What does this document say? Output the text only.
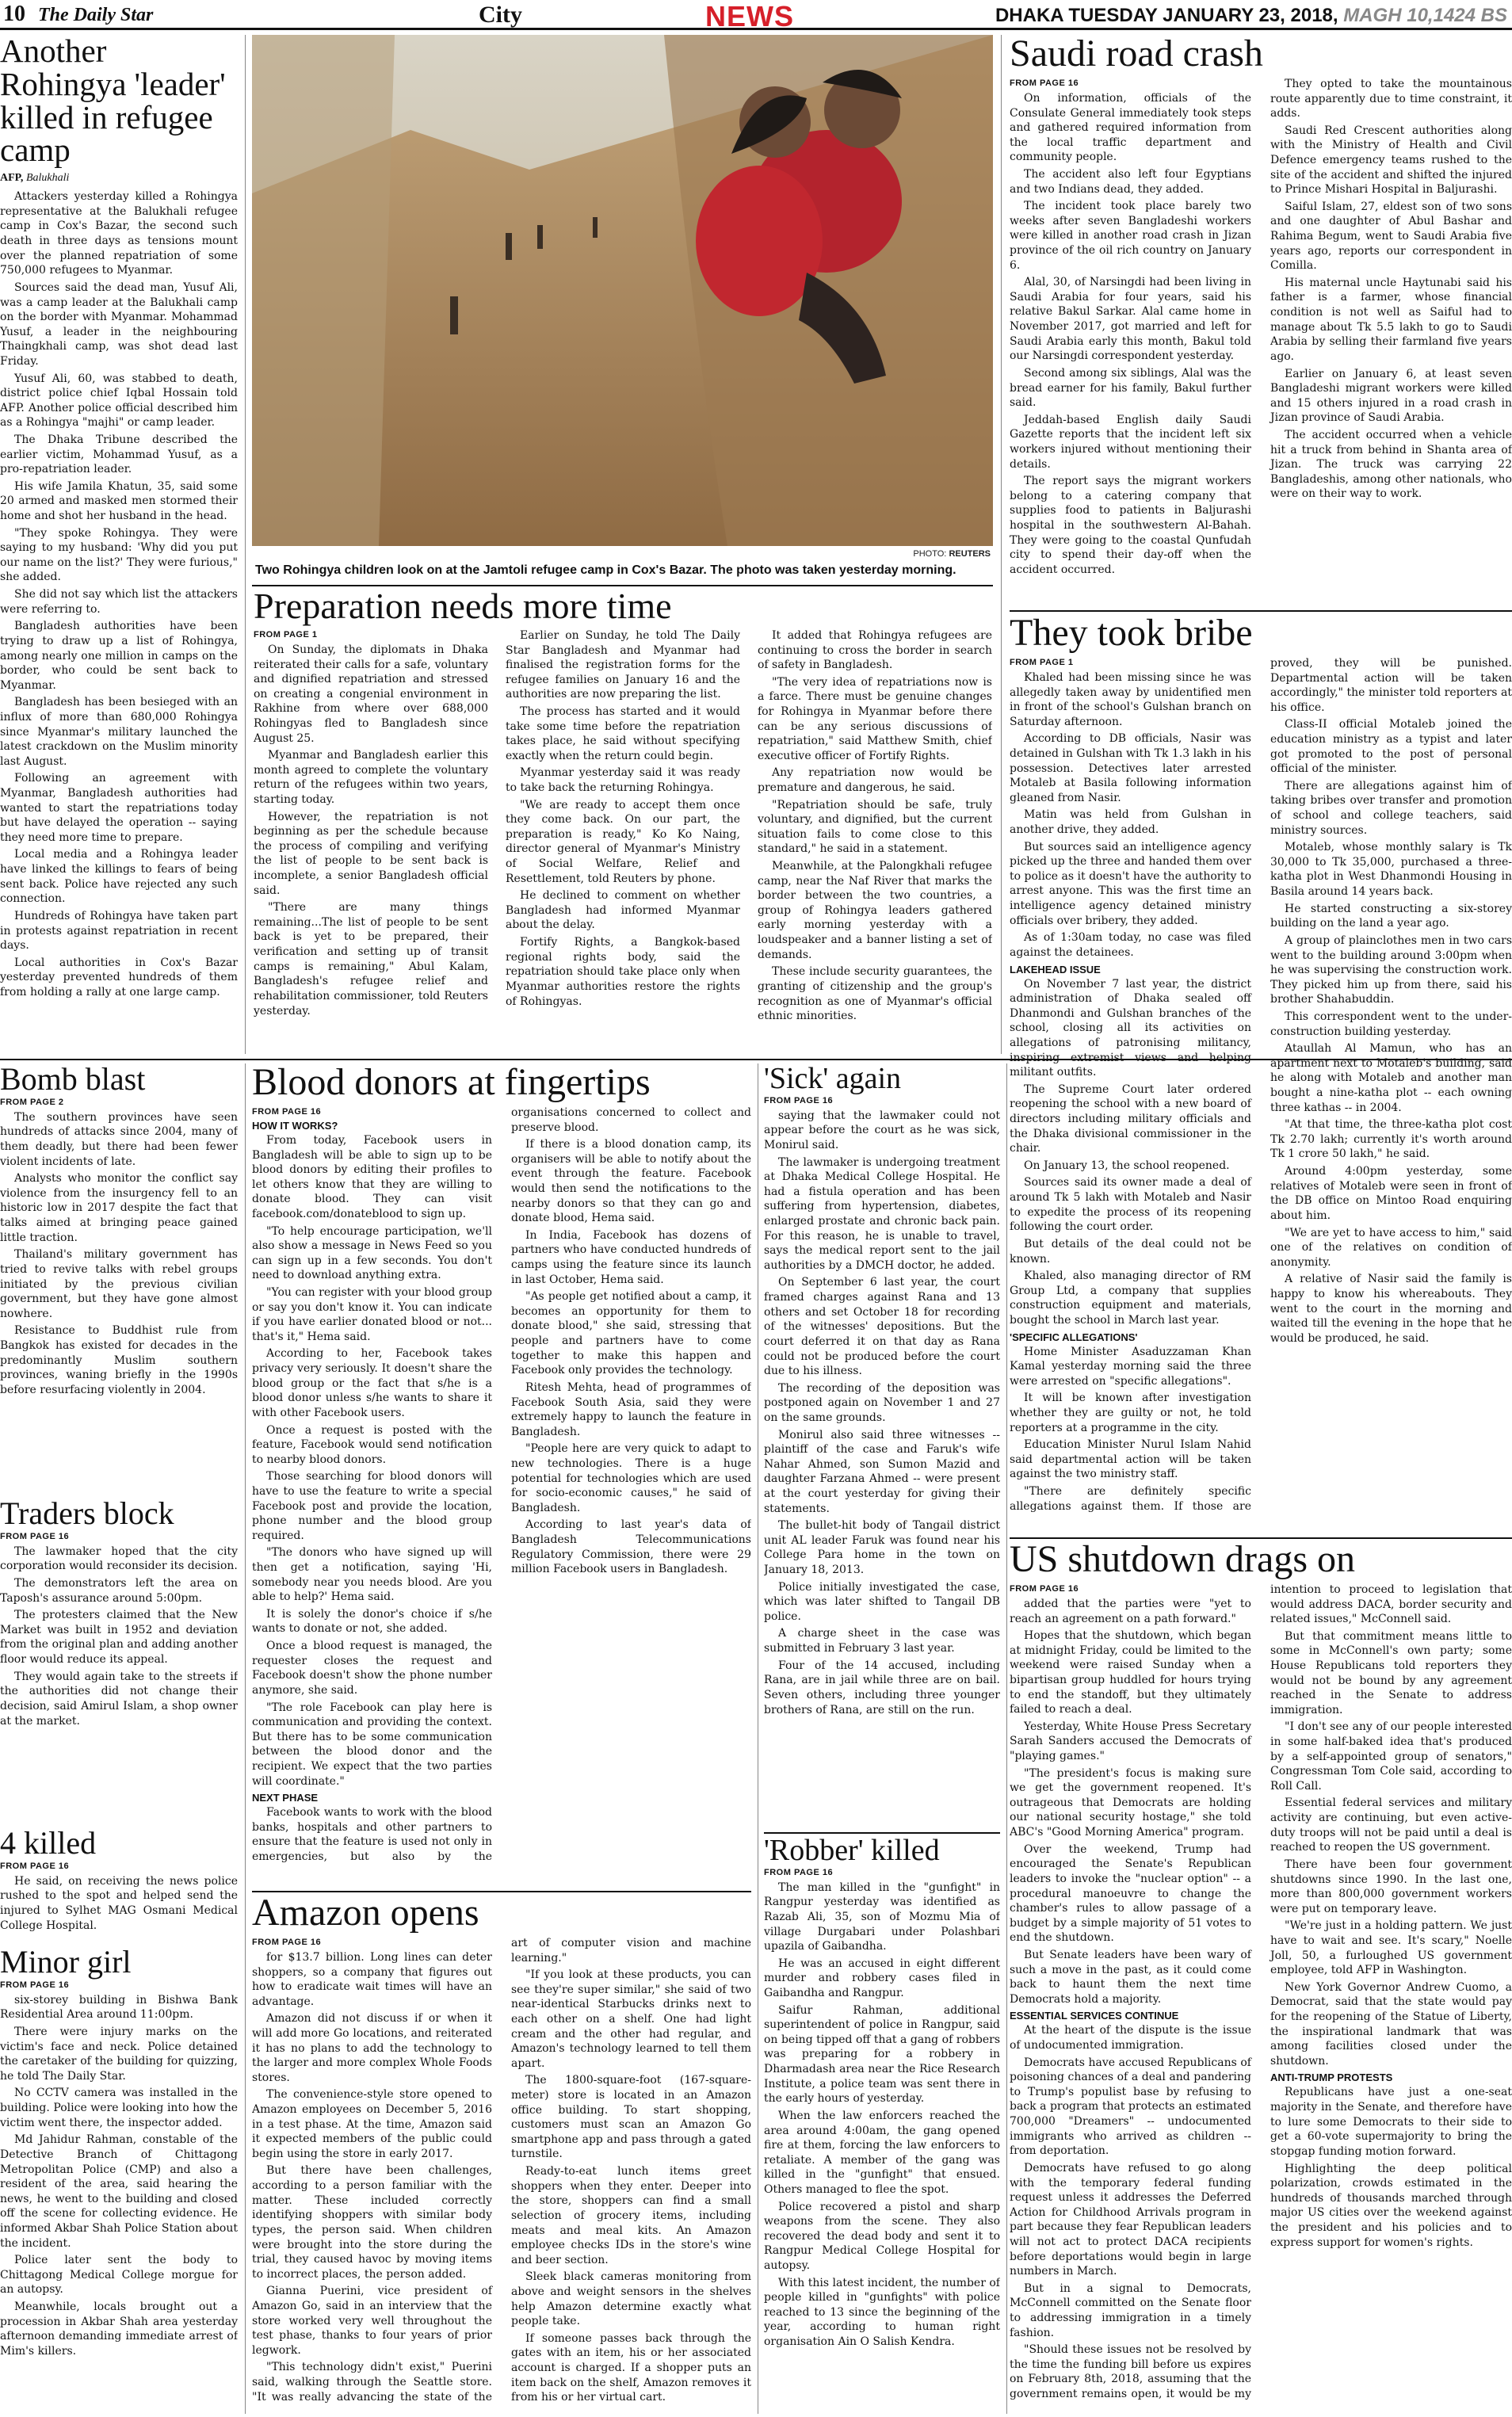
10 The Daily Star	City	NEWS	DHAKA TUESDAY JANUARY 23, 2018, MAGH 10,1424 BS
Another Rohingya 'leader' killed in refugee camp
AFP, Balukhali

Attackers yesterday killed a Rohingya representative at the Balukhali refugee camp in Cox's Bazar, the second such death in three days as tensions mount over the planned repatriation of some 750,000 refugees to Myanmar.

Sources said the dead man, Yusuf Ali, was a camp leader at the Balukhali camp on the border with Myanmar. Mohammad Yusuf, a leader in the neighbouring Thaingkhali camp, was shot dead last Friday.

Yusuf Ali, 60, was stabbed to death, district police chief Iqbal Hossain told AFP. Another police official described him as a Rohingya "majhi" or camp leader.

The Dhaka Tribune described the earlier victim, Mohammad Yusuf, as a pro-repatriation leader.

His wife Jamila Khatun, 35, said some 20 armed and masked men stormed their home and shot her husband in the head.

"They spoke Rohingya. They were saying to my husband: 'Why did you put our name on the list?' They were furious," she added.

She did not say which list the attackers were referring to.

Bangladesh authorities have been trying to draw up a list of Rohingya, among nearly one million in camps on the border, who could be sent back to Myanmar.

Bangladesh has been besieged with an influx of more than 680,000 Rohingya since Myanmar's military launched the latest crackdown on the Muslim minority last August.

Following an agreement with Myanmar, Bangladesh authorities had wanted to start the repatriations today but have delayed the operation -- saying they need more time to prepare.

Local media and a Rohingya leader have linked the killings to fears of being sent back. Police have rejected any such connection.

Hundreds of Rohingya have taken part in protests against repatriation in recent days.

Local authorities in Cox's Bazar yesterday prevented hundreds of them from holding a rally at one large camp.

PHOTO: REUTERS
Two Rohingya children look on at the Jamtoli refugee camp in Cox's Bazar. The photo was taken yesterday morning.
Preparation needs more time
FROM PAGE 1

On Sunday, the diplomats in Dhaka reiterated their calls for a safe, voluntary and dignified repatriation and stressed on creating a congenial environment in Rakhine from where over 688,000 Rohingyas fled to Bangladesh since August 25.

Myanmar and Bangladesh earlier this month agreed to complete the voluntary return of the refugees within two years, starting today.

However, the repatriation is not beginning as per the schedule because the process of compiling and verifying the list of people to be sent back is incomplete, a senior Bangladesh official said.

"There are many things remaining...The list of people to be sent back is yet to be prepared, their verification and setting up of transit camps is remaining," Abul Kalam, Bangladesh's refugee relief and rehabilitation commissioner, told Reuters yesterday.

Earlier on Sunday, he told The Daily Star Bangladesh and Myanmar had finalised the registration forms for the refugee families on January 16 and the authorities are now preparing the list.

The process has started and it would take some time before the repatriation takes place, he said without specifying exactly when the return could begin.

Myanmar yesterday said it was ready to take back the returning Rohingya.

"We are ready to accept them once they come back. On our part, the preparation is ready," Ko Ko Naing, director general of Myanmar's Ministry of Social Welfare, Relief and Resettlement, told Reuters by phone.

He declined to comment on whether Bangladesh had informed Myanmar about the delay.

Fortify Rights, a Bangkok-based regional rights body, said the repatriation should take place only when Myanmar authorities restore the rights of Rohingyas.

It added that Rohingya refugees are continuing to cross the border in search of safety in Bangladesh.

"The very idea of repatriations now is a farce. There must be genuine changes for Rohingya in Myanmar before there can be any serious discussions of repatriation," said Matthew Smith, chief executive officer of Fortify Rights.

Any repatriation now would be premature and dangerous, he said.

"Repatriation should be safe, truly voluntary, and dignified, but the current situation fails to come close to this standard," he said in a statement.

Meanwhile, at the Palongkhali refugee camp, near the Naf River that marks the border between the two countries, a group of Rohingya leaders gathered early morning yesterday with a loudspeaker and a banner listing a set of demands.

These include security guarantees, the granting of citizenship and the group's recognition as one of Myanmar's official ethnic minorities.

Saudi road crash
FROM PAGE 16

On information, officials of the Consulate General immediately took steps and gathered required information from the local traffic department and community people.

The accident also left four Egyptians and two Indians dead, they added.

The incident took place barely two weeks after seven Bangladeshi workers were killed in another road crash in Jizan province of the oil rich country on January 6.

Alal, 30, of Narsingdi had been living in Saudi Arabia for four years, said his relative Bakul Sarkar. Alal came home in November 2017, got married and left for Saudi Arabia early this month, Bakul told our Narsingdi correspondent yesterday.

Second among six siblings, Alal was the bread earner for his family, Bakul further said.

Jeddah-based English daily Saudi Gazette reports that the incident left six workers injured without mentioning their details.

The report says the migrant workers belong to a catering company that supplies food to patients in Baljurashi hospital in the southwestern Al-Bahah. They were going to the coastal Qunfudah city to spend their day-off when the accident occurred.

They opted to take the mountainous route apparently due to time constraint, it adds.

Saudi Red Crescent authorities along with the Ministry of Health and Civil Defence emergency teams rushed to the site of the accident and shifted the injured to Prince Mishari Hospital in Baljurashi.

Saiful Islam, 27, eldest son of two sons and one daughter of Abul Bashar and Rahima Begum, went to Saudi Arabia five years ago, reports our correspondent in Comilla.

His maternal uncle Haytunabi said his father is a farmer, whose financial condition is not well as Saiful had to manage about Tk 5.5 lakh to go to Saudi Arabia by selling their farmland five years ago.

Earlier on January 6, at least seven Bangladeshi migrant workers were killed and 15 others injured in a road crash in Jizan province of Saudi Arabia.

The accident occurred when a vehicle hit a truck from behind in Shanta area of Jizan. The truck was carrying 22 Bangladeshis, among other nationals, who were on their way to work.

They took bribe
FROM PAGE 1

Khaled had been missing since he was allegedly taken away by unidentified men in front of the school's Gulshan branch on Saturday afternoon.

According to DB officials, Nasir was detained in Gulshan with Tk 1.3 lakh in his possession. Detectives later arrested Motaleb at Basila following information gleaned from Nasir.

Matin was held from Gulshan in another drive, they added.

But sources said an intelligence agency picked up the three and handed them over to police as it doesn't have the authority to arrest anyone. This was the first time an intelligence agency detained ministry officials over bribery, they added.

As of 1:30am today, no case was filed against the detainees.

LAKEHEAD ISSUE

On November 7 last year, the district administration of Dhaka sealed off Dhanmondi and Gulshan branches of the school, closing all its activities on allegations of patronising militancy, inspiring extremist views and helping militant outfits.

The Supreme Court later ordered reopening the school with a new board of directors including military officials and the Dhaka divisional commissioner in the chair.

On January 13, the school reopened.

Sources said its owner made a deal of around Tk 5 lakh with Motaleb and Nasir to expedite the process of its reopening following the court order.

But details of the deal could not be known.

Khaled, also managing director of RM Group Ltd, a company that supplies construction equipment and materials, bought the school in March last year.

'SPECIFIC ALLEGATIONS'

Home Minister Asaduzzaman Khan Kamal yesterday morning said the three were arrested on "specific allegations".

It will be known after investigation whether they are guilty or not, he told reporters at a programme in the city.

Education Minister Nurul Islam Nahid said departmental action will be taken against the two ministry staff.

"There are definitely specific allegations against them. If those are proved, they will be punished. Departmental action will be taken accordingly," the minister told reporters at his office.

Class-II official Motaleb joined the education ministry as a typist and later got promoted to the post of personal official of the minister.

There are allegations against him of taking bribes over transfer and promotion of school and college teachers, said ministry sources.

Motaleb, whose monthly salary is Tk 30,000 to Tk 35,000, purchased a three-katha plot in West Dhanmondi Housing in Basila around 14 years back.

He started constructing a six-storey building on the land a year ago.

A group of plainclothes men in two cars went to the building around 3:00pm when he was supervising the construction work. They picked him up from there, said his brother Shahabuddin.

This correspondent went to the under-construction building yesterday.

Ataullah Al Mamun, who has an apartment next to Motaleb's building, said he along with Motaleb and another man bought a nine-katha plot -- each owning three kathas -- in 2004.

"At that time, the three-katha plot cost Tk 2.70 lakh; currently it's worth around Tk 1 crore 50 lakh," he said.

Around 4:00pm yesterday, some relatives of Motaleb were seen in front of the DB office on Mintoo Road enquiring about him.

"We are yet to have access to him," said one of the relatives on condition of anonymity.

A relative of Nasir said the family is happy to know his whereabouts. They went to the court in the morning and waited till the evening in the hope that he would be produced, he said.

Bomb blast
FROM PAGE 2

The southern provinces have seen hundreds of attacks since 2004, many of them deadly, but there had been fewer violent incidents of late.

Analysts who monitor the conflict say violence from the insurgency fell to an historic low in 2017 despite the fact that talks aimed at bringing peace gained little traction.

Thailand's military government has tried to revive talks with rebel groups initiated by the previous civilian government, but they have gone almost nowhere.

Resistance to Buddhist rule from Bangkok has existed for decades in the predominantly Muslim southern provinces, waning briefly in the 1990s before resurfacing violently in 2004.

Traders block
FROM PAGE 16

The lawmaker hoped that the city corporation would reconsider its decision.

The demonstrators left the area on Taposh's assurance around 5:00pm.

The protesters claimed that the New Market was built in 1952 and deviation from the original plan and adding another floor would reduce its appeal.

They would again take to the streets if the authorities did not change their decision, said Amirul Islam, a shop owner at the market.

4 killed
FROM PAGE 16

He said, on receiving the news police rushed to the spot and helped send the injured to Sylhet MAG Osmani Medical College Hospital.

Minor girl
FROM PAGE 16

six-storey building in Bishwa Bank Residential Area around 11:00pm.

There were injury marks on the victim's face and neck. Police detained the caretaker of the building for quizzing, he told The Daily Star.

No CCTV camera was installed in the building. Police were looking into how the victim went there, the inspector added.

Md Jahidur Rahman, constable of the Detective Branch of Chittagong Metropolitan Police (CMP) and also a resident of the area, said hearing the news, he went to the building and closed off the scene for collecting evidence. He informed Akbar Shah Police Station about the incident.

Police later sent the body to Chittagong Medical College morgue for an autopsy.

Meanwhile, locals brought out a procession in Akbar Shah area yesterday afternoon demanding immediate arrest of Mim's killers.

Blood donors at fingertips
FROM PAGE 16
HOW IT WORKS?

From today, Facebook users in Bangladesh will be able to sign up to be blood donors by editing their profiles to let others know that they are willing to donate blood. They can visit facebook.com/donateblood to sign up.

"To help encourage participation, we'll also show a message in News Feed so you can sign up in a few seconds. You don't need to download anything extra.

"You can register with your blood group or say you don't know it. You can indicate if you have earlier donated blood or not... that's it," Hema said.

According to her, Facebook takes privacy very seriously. It doesn't share the blood group or the fact that s/he is a blood donor unless s/he wants to share it with other Facebook users.

Once a request is posted with the feature, Facebook would send notification to nearby blood donors.

Those searching for blood donors will have to use the feature to write a special Facebook post and provide the location, phone number and the blood group required.

"The donors who have signed up will then get a notification, saying 'Hi, somebody near you needs blood. Are you able to help?' Hema said.

It is solely the donor's choice if s/he wants to donate or not, she added.

Once a blood request is managed, the requester closes the request and Facebook doesn't show the phone number anymore, she said.

"The role Facebook can play here is communication and providing the context. But there has to be some communication between the blood donor and the recipient. We expect that the two parties will coordinate."

NEXT PHASE

Facebook wants to work with the blood banks, hospitals and other partners to ensure that the feature is used not only in emergencies, but also by the organisations concerned to collect and preserve blood.

If there is a blood donation camp, its organisers will be able to notify about the event through the feature. Facebook would then send the notifications to the nearby donors so that they can go and donate blood, Hema said.

In India, Facebook has dozens of partners who have conducted hundreds of camps using the feature since its launch in last October, Hema said.

"As people get notified about a camp, it becomes an opportunity for them to donate blood," she said, stressing that people and partners have to come together to make this happen and Facebook only provides the technology.

Ritesh Mehta, head of programmes of Facebook South Asia, said they were extremely happy to launch the feature in Bangladesh.

"People here are very quick to adapt to new technologies. There is a huge potential for technologies which are used for socio-economic causes," he said of Bangladesh.

According to last year's data of Bangladesh Telecommunications Regulatory Commission, there were 29 million Facebook users in Bangladesh.

Amazon opens
FROM PAGE 16

for $13.7 billion. Long lines can deter shoppers, so a company that figures out how to eradicate wait times will have an advantage.

Amazon did not discuss if or when it will add more Go locations, and reiterated it has no plans to add the technology to the larger and more complex Whole Foods stores.

The convenience-style store opened to Amazon employees on December 5, 2016 in a test phase. At the time, Amazon said it expected members of the public could begin using the store in early 2017.

But there have been challenges, according to a person familiar with the matter. These included correctly identifying shoppers with similar body types, the person said. When children were brought into the store during the trial, they caused havoc by moving items to incorrect places, the person added.

Gianna Puerini, vice president of Amazon Go, said in an interview that the store worked very well throughout the test phase, thanks to four years of prior legwork.

"This technology didn't exist," Puerini said, walking through the Seattle store. "It was really advancing the state of the art of computer vision and machine learning."

"If you look at these products, you can see they're super similar," she said of two near-identical Starbucks drinks next to each other on a shelf. One had light cream and the other had regular, and Amazon's technology learned to tell them apart.

The 1800-square-foot (167-square-meter) store is located in an Amazon office building. To start shopping, customers must scan an Amazon Go smartphone app and pass through a gated turnstile.

Ready-to-eat lunch items greet shoppers when they enter. Deeper into the store, shoppers can find a small selection of grocery items, including meats and meal kits. An Amazon employee checks IDs in the store's wine and beer section.

Sleek black cameras monitoring from above and weight sensors in the shelves help Amazon determine exactly what people take.

If someone passes back through the gates with an item, his or her associated account is charged. If a shopper puts an item back on the shelf, Amazon removes it from his or her virtual cart.

'Sick' again
FROM PAGE 16

saying that the lawmaker could not appear before the court as he was sick, Monirul said.

The lawmaker is undergoing treatment at Dhaka Medical College Hospital. He had a fistula operation and has been suffering from hypertension, diabetes, enlarged prostate and chronic back pain. For this reason, he is unable to travel, says the medical report sent to the jail authorities by a DMCH doctor, he added.

On September 6 last year, the court framed charges against Rana and 13 others and set October 18 for recording of the witnesses' depositions. But the court deferred it on that day as Rana could not be produced before the court due to his illness.

The recording of the deposition was postponed again on November 1 and 27 on the same grounds.

Monirul also said three witnesses -- plaintiff of the case and Faruk's wife Nahar Ahmed, son Sumon Mazid and daughter Farzana Ahmed -- were present at the court yesterday for giving their statements.

The bullet-hit body of Tangail district unit AL leader Faruk was found near his College Para home in the town on January 18, 2013.

Police initially investigated the case, which was later shifted to Tangail DB police.

A charge sheet in the case was submitted in February 3 last year.

Four of the 14 accused, including Rana, are in jail while three are on bail. Seven others, including three younger brothers of Rana, are still on the run.

'Robber' killed
FROM PAGE 16

The man killed in the "gunfight" in Rangpur yesterday was identified as Razab Ali, 35, son of Mozmu Mia of village Durgabari under Polashbari upazila of Gaibandha.

He was an accused in eight different murder and robbery cases filed in Gaibandha and Rangpur.

Saifur Rahman, additional superintendent of police in Rangpur, said on being tipped off that a gang of robbers was preparing for a robbery in Dharmadash area near the Rice Research Institute, a police team was sent there in the early hours of yesterday.

When the law enforcers reached the area around 4:00am, the gang opened fire at them, forcing the law enforcers to retaliate. A member of the gang was killed in the "gunfight" that ensued. Others managed to flee the spot.

Police recovered a pistol and sharp weapons from the scene. They also recovered the dead body and sent it to Rangpur Medical College Hospital for autopsy.

With this latest incident, the number of people killed in "gunfights" with police reached to 13 since the beginning of the year, according to human right organisation Ain O Salish Kendra.

US shutdown drags on
FROM PAGE 16

added that the parties were "yet to reach an agreement on a path forward."

Hopes that the shutdown, which began at midnight Friday, could be limited to the weekend were raised Sunday when a bipartisan group huddled for hours trying to end the standoff, but they ultimately failed to reach a deal.

Yesterday, White House Press Secretary Sarah Sanders accused the Democrats of "playing games."

"The president's focus is making sure we get the government reopened. It's outrageous that Democrats are holding our national security hostage," she told ABC's "Good Morning America" program.

Over the weekend, Trump had encouraged the Senate's Republican leaders to invoke the "nuclear option" -- a procedural manoeuvre to change the chamber's rules to allow passage of a budget by a simple majority of 51 votes to end the shutdown.

But Senate leaders have been wary of such a move in the past, as it could come back to haunt them the next time Democrats hold a majority.

ESSENTIAL SERVICES CONTINUE

At the heart of the dispute is the issue of undocumented immigration.

Democrats have accused Republicans of poisoning chances of a deal and pandering to Trump's populist base by refusing to back a program that protects an estimated 700,000 "Dreamers" -- undocumented immigrants who arrived as children -- from deportation.

Democrats have refused to go along with the temporary federal funding request unless it addresses the Deferred Action for Childhood Arrivals program in part because they fear Republican leaders will not act to protect DACA recipients before deportations would begin in large numbers in March.

But in a signal to Democrats, McConnell committed on the Senate floor to addressing immigration in a timely fashion.

"Should these issues not be resolved by the time the funding bill before us expires on February 8th, 2018, assuming that the government remains open, it would be my intention to proceed to legislation that would address DACA, border security and related issues," McConnell said.

But that commitment means little to some in McConnell's own party; some House Republicans told reporters they would not be bound by any agreement reached in the Senate to address immigration.

"I don't see any of our people interested in some half-baked idea that's produced by a self-appointed group of senators," Congressman Tom Cole said, according to Roll Call.

Essential federal services and military activity are continuing, but even active-duty troops will not be paid until a deal is reached to reopen the US government.

There have been four government shutdowns since 1990. In the last one, more than 800,000 government workers were put on temporary leave.

"We're just in a holding pattern. We just have to wait and see. It's scary," Noelle Joll, 50, a furloughed US government employee, told AFP in Washington.

New York Governor Andrew Cuomo, a Democrat, said that the state would pay for the reopening of the Statue of Liberty, the inspirational landmark that was among facilities closed under the shutdown.

ANTI-TRUMP PROTESTS

Republicans have just a one-seat majority in the Senate, and therefore have to lure some Democrats to their side to get a 60-vote supermajority to bring the stopgap funding motion forward.

Highlighting the deep political polarization, crowds estimated in the hundreds of thousands marched through major US cities over the weekend against the president and his policies and to express support for women's rights.
